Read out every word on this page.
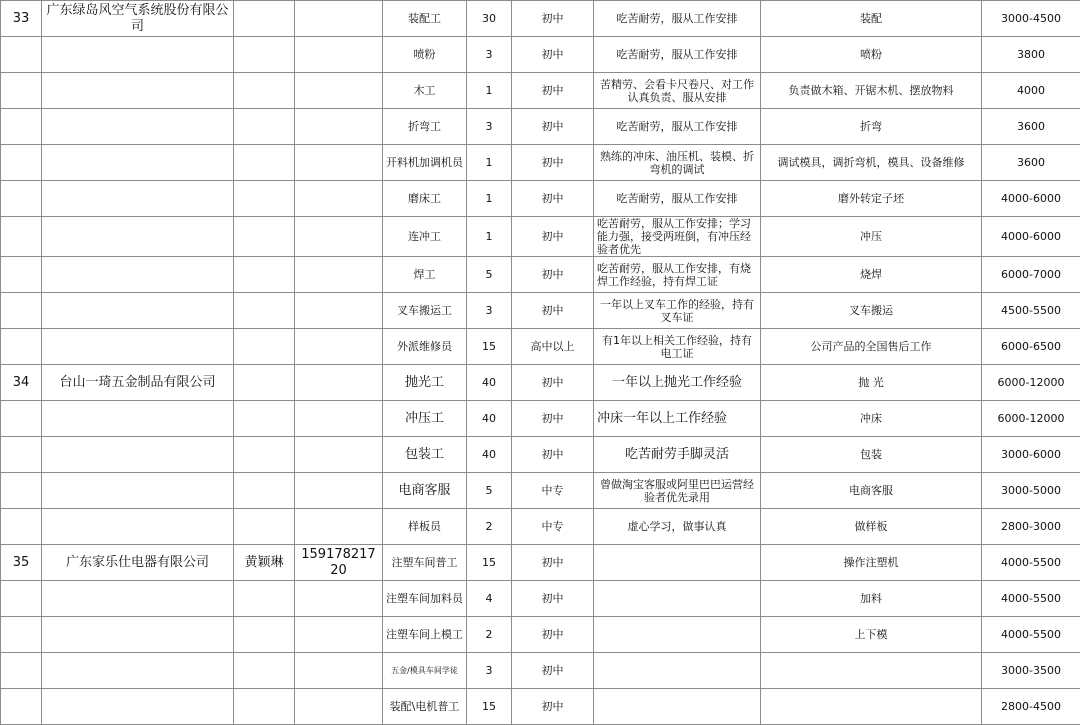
33	广东绿岛风空气系统股份有限公司			装配工	30	初中	吃苦耐劳，服从工作安排	装配	3000-4500
				喷粉	3	初中	吃苦耐劳，服从工作安排	喷粉	3800
				木工	1	初中	苦精劳、会看卡尺卷尺、对工作认真负责、服从安排	负责做木箱、开锯木机、摆放物料	4000
				折弯工	3	初中	吃苦耐劳，服从工作安排	折弯	3600
				开料机加调机员	1	初中	熟练的冲床、油压机、装模、折弯机的调试	调试模具，调折弯机，模具、设备维修	3600
				磨床工	1	初中	吃苦耐劳，服从工作安排	磨外转定子坯	4000-6000
				连冲工	1	初中	吃苦耐劳，服从工作安排；学习能力强，接受两班倒，有冲压经验者优先	冲压	4000-6000
				焊工	5	初中	吃苦耐劳，服从工作安排，有烧焊工作经验，持有焊工证	烧焊	6000-7000
				叉车搬运工	3	初中	一年以上叉车工作的经验，持有叉车证	叉车搬运	4500-5500
				外派维修员	15	高中以上	有1年以上相关工作经验，持有电工证	公司产品的全国售后工作	6000-6500
34	台山一琦五金制品有限公司			抛光工	40	初中	一年以上抛光工作经验	抛 光	6000-12000
				冲压工	40	初中	冲床一年以上工作经验	冲床	6000-12000
				包装工	40	初中	吃苦耐劳手脚灵活	包装	3000-6000
				电商客服	5	中专	曾做淘宝客服或阿里巴巴运营经验者优先录用	电商客服	3000-5000
				样板员	2	中专	虚心学习，做事认真	做样板	2800-3000
35	广东家乐仕电器有限公司	黄颖琳	15917821720	注塑车间普工	15	初中		操作注塑机	4000-5500
				注塑车间加料员	4	初中		加料	4000-5500
				注塑车间上模工	2	初中		上下模	4000-5500
				五金/模具车间学徒	3	初中			3000-3500
				装配\电机普工	15	初中			2800-4500
